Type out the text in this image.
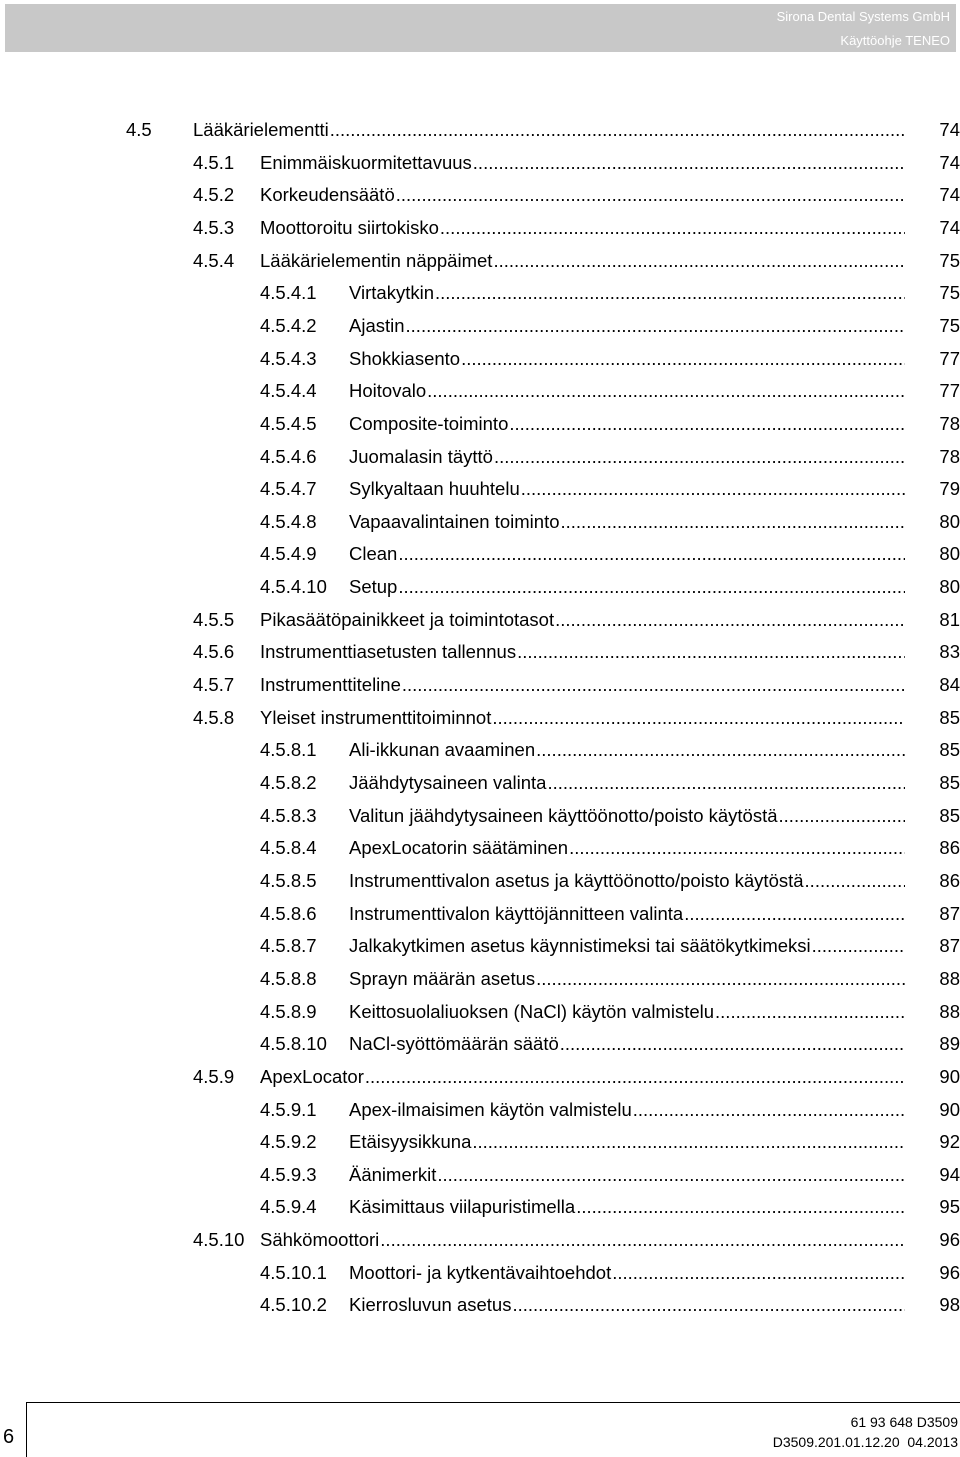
Sirona Dental Systems GmbH
Käyttöohje TENEO
4.5 Lääkärielementti .....	74
4.5.1 Enimmäiskuormitettavuus .....	74
4.5.2 Korkeudensäätö .....	74
4.5.3 Moottoroitu siirtokisko .....	74
4.5.4 Lääkärielementin näppäimet .....	75
4.5.4.1 Virtakytkin .....	75
4.5.4.2 Ajastin .....	75
4.5.4.3 Shokkiasento .....	77
4.5.4.4 Hoitovalo .....	77
4.5.4.5 Composite-toiminto .....	78
4.5.4.6 Juomalasin täyttö .....	78
4.5.4.7 Sylkyaltaan huuhtelu .....	79
4.5.4.8 Vapaavalintainen toiminto .....	80
4.5.4.9 Clean .....	80
4.5.4.10 Setup .....	80
4.5.5 Pikasäätöpainikkeet ja toimintotasot .....	81
4.5.6 Instrumenttiasetusten tallennus .....	83
4.5.7 Instrumenttiteline .....	84
4.5.8 Yleiset instrumenttitoiminnot .....	85
4.5.8.1 Ali-ikkunan avaaminen .....	85
4.5.8.2 Jäähdytysaineen valinta .....	85
4.5.8.3 Valitun jäähdytysaineen käyttöönotto/poisto käytöstä .....	85
4.5.8.4 ApexLocatorin säätäminen .....	86
4.5.8.5 Instrumenttivalon asetus ja käyttöönotto/poisto käytöstä .....	86
4.5.8.6 Instrumenttivalon käyttöjännitteen valinta .....	87
4.5.8.7 Jalkakytkimen asetus käynnistimeksi tai säätökytkimeksi .....	87
4.5.8.8 Sprayn määrän asetus .....	88
4.5.8.9 Keittosuolaliuoksen (NaCl) käytön valmistelu .....	88
4.5.8.10 NaCl-syöttömäärän säätö .....	89
4.5.9 ApexLocator .....	90
4.5.9.1 Apex-ilmaisimen käytön valmistelu .....	90
4.5.9.2 Etäisyysikkuna .....	92
4.5.9.3 Äänimerkit .....	94
4.5.9.4 Käsimittaus viilapuristimella .....	95
4.5.10 Sähkömoottori .....	96
4.5.10.1 Moottori- ja kytkentävaihtoehdot .....	96
4.5.10.2 Kierrosluvun asetus .....	98
6
61 93 648 D3509
D3509.201.01.12.20 04.2013
